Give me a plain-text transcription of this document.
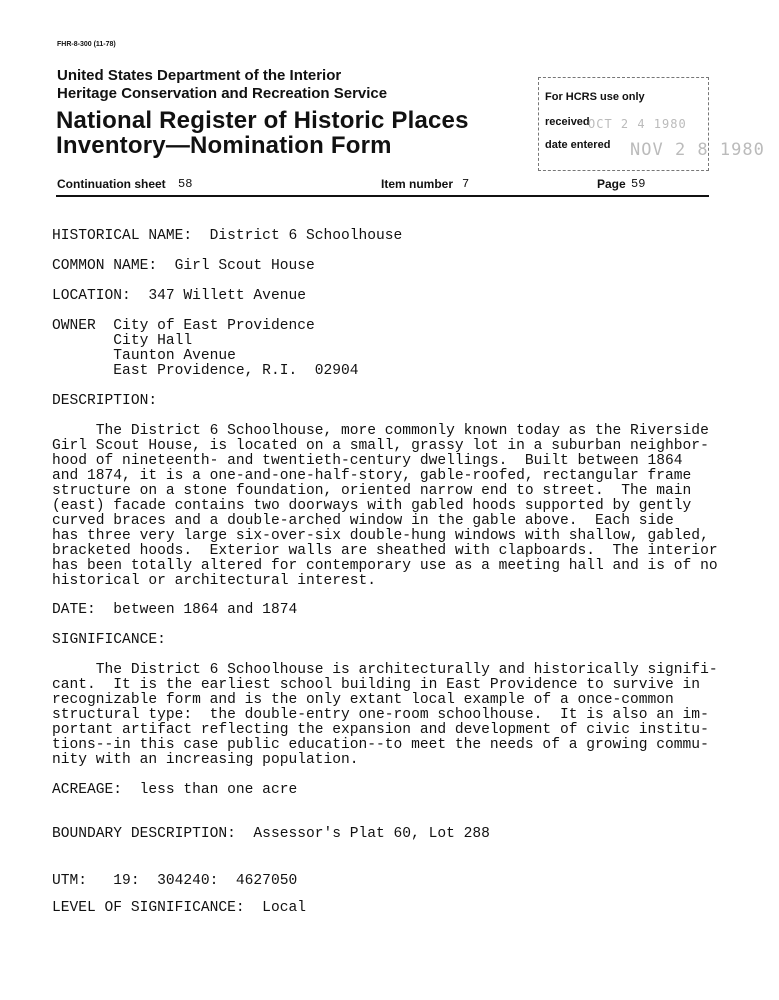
FHR-8-300 (11-78)
United States Department of the Interior
Heritage Conservation and Recreation Service
National Register of Historic Places
Inventory—Nomination Form
For HCRS use only
received
OCT 2 4 1980
date entered NOV 2 8 1980
Continuation sheet 58	Item number 7	Page 59
HISTORICAL NAME:  District 6 Schoolhouse
COMMON NAME:  Girl Scout House
LOCATION:  347 Willett Avenue
OWNER  City of East Providence
City Hall
Taunton Avenue
East Providence, R.I.  02904
DESCRIPTION:
The District 6 Schoolhouse, more commonly known today as the Riverside
Girl Scout House, is located on a small, grassy lot in a suburban neighbor-
hood of nineteenth- and twentieth-century dwellings.  Built between 1864
and 1874, it is a one-and-one-half-story, gable-roofed, rectangular frame
structure on a stone foundation, oriented narrow end to street.  The main
(east) facade contains two doorways with gabled hoods supported by gently
curved braces and a double-arched window in the gable above.  Each side
has three very large six-over-six double-hung windows with shallow, gabled,
bracketed hoods.  Exterior walls are sheathed with clapboards.  The interior
has been totally altered for contemporary use as a meeting hall and is of no
historical or architectural interest.
DATE:  between 1864 and 1874
SIGNIFICANCE:
The District 6 Schoolhouse is architecturally and historically signifi-
cant.  It is the earliest school building in East Providence to survive in
recognizable form and is the only extant local example of a once-common
structural type:  the double-entry one-room schoolhouse.  It is also an im-
portant artifact reflecting the expansion and development of civic institu-
tions--in this case public education--to meet the needs of a growing commu-
nity with an increasing population.
ACREAGE:  less than one acre
BOUNDARY DESCRIPTION:  Assessor's Plat 60, Lot 288
UTM:   19:  304240:  4627050
LEVEL OF SIGNIFICANCE:  Local
